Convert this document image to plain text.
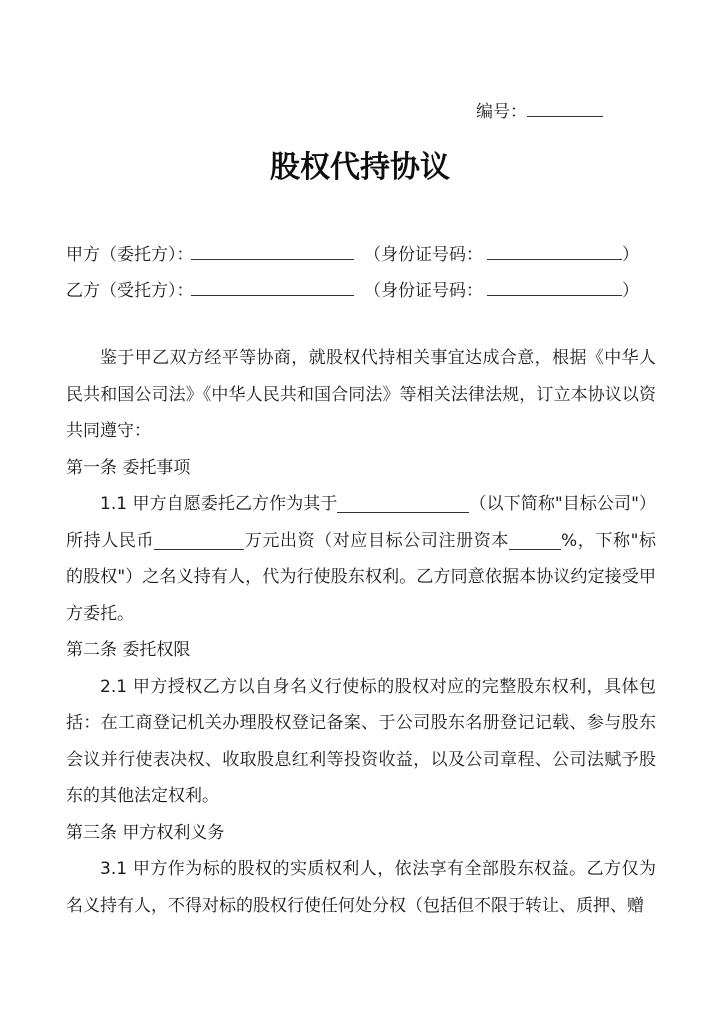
编号：
股权代持协议
甲方（委托方）：	（身份证号码：	）
乙方（受托方）：	（身份证号码：	）

鉴于甲乙双方经平等协商，就股权代持相关事宜达成合意，根据《中华人民共和国公司法》《中华人民共和国合同法》等相关法律法规，订立本协议以资共同遵守：

第一条 委托事项

1.1 甲方自愿委托乙方作为其于	（以下简称"目标公司"）所持人民币	万元出资（对应目标公司注册资本	%，下称"标的股权"）之名义持有人，代为行使股东权利。乙方同意依据本协议约定接受甲方委托。

第二条 委托权限

2.1 甲方授权乙方以自身名义行使标的股权对应的完整股东权利，具体包括：在工商登记机关办理股权登记备案、于公司股东名册登记记载、参与股东会议并行使表决权、收取股息红利等投资收益，以及公司章程、公司法赋予股东的其他法定权利。

第三条 甲方权利义务

3.1 甲方作为标的股权的实质权利人，依法享有全部股东权益。乙方仅为名义持有人，不得对标的股权行使任何处分权（包括但不限于转让、质押、赠
